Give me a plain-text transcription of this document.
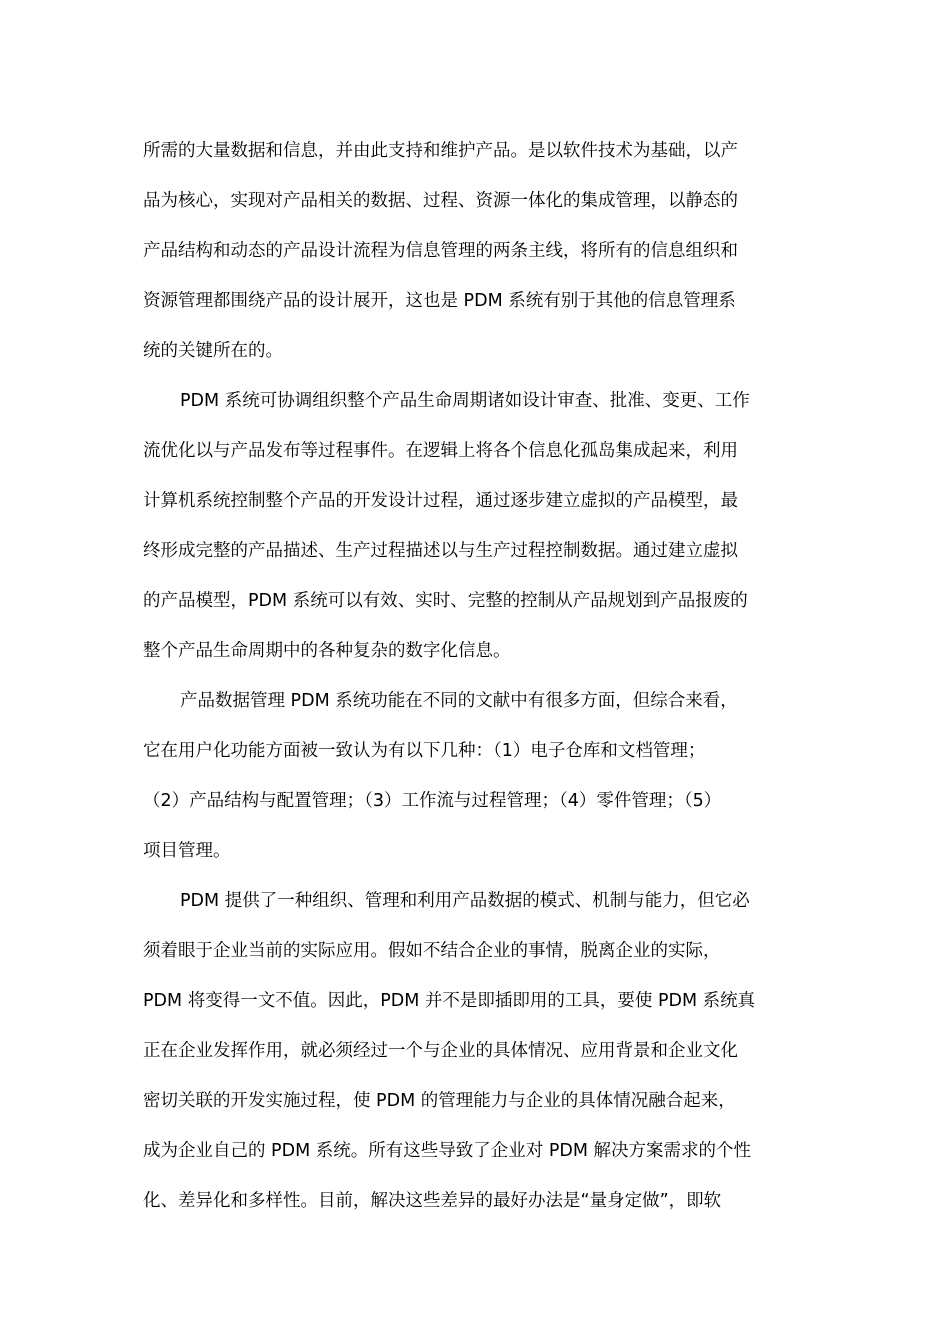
所需的大量数据和信息，并由此支持和维护产品。是以软件技术为基础，以产
品为核心，实现对产品相关的数据、过程、资源一体化的集成管理，以静态的
产品结构和动态的产品设计流程为信息管理的两条主线，将所有的信息组织和
资源管理都围绕产品的设计展开，这也是 PDM 系统有别于其他的信息管理系
统的关键所在的。
PDM 系统可协调组织整个产品生命周期诸如设计审查、批准、变更、工作
流优化以与产品发布等过程事件。在逻辑上将各个信息化孤岛集成起来，利用
计算机系统控制整个产品的开发设计过程，通过逐步建立虚拟的产品模型，最
终形成完整的产品描述、生产过程描述以与生产过程控制数据。通过建立虚拟
的产品模型，PDM 系统可以有效、实时、完整的控制从产品规划到产品报废的
整个产品生命周期中的各种复杂的数字化信息。
产品数据管理 PDM 系统功能在不同的文献中有很多方面，但综合来看，
它在用户化功能方面被一致认为有以下几种：（1）电子仓库和文档管理；
（2）产品结构与配置管理；（3）工作流与过程管理；（4）零件管理；（5）
项目管理。
PDM 提供了一种组织、管理和利用产品数据的模式、机制与能力，但它必
须着眼于企业当前的实际应用。假如不结合企业的事情，脱离企业的实际，
PDM 将变得一文不值。因此，PDM 并不是即插即用的工具，要使 PDM 系统真
正在企业发挥作用，就必须经过一个与企业的具体情况、应用背景和企业文化
密切关联的开发实施过程，使 PDM 的管理能力与企业的具体情况融合起来，
成为企业自己的 PDM 系统。所有这些导致了企业对 PDM 解决方案需求的个性
化、差异化和多样性。目前，解决这些差异的最好办法是“量身定做”，即软
